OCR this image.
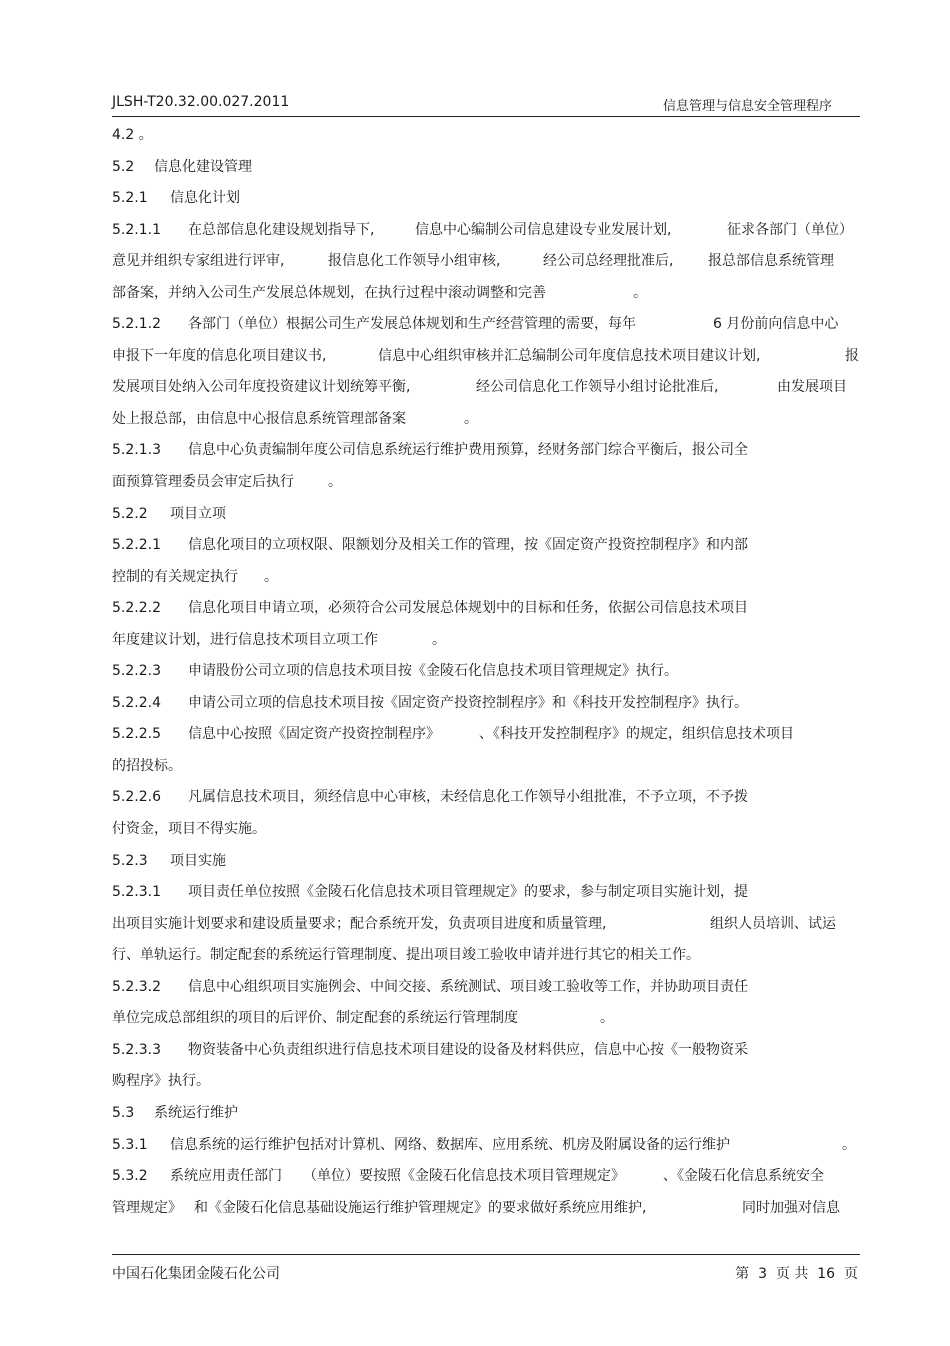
JLSH-T20.32.00.027.2011	信息管理与信息安全管理程序
4.2 。
5.2 信息化建设管理
5.2.1 信息化计划
5.2.1.1 在总部信息化建设规划指导下,	信息中心编制公司信息建设专业发展计划,	征求各部门（单位）
意见并组织专家组进行评审,	报信息化工作领导小组审核,	经公司总经理批准后, 报总部信息系统管理
部备案，并纳入公司生产发展总体规划，在执行过程中滚动调整和完善	。
5.2.1.2 各部门（单位）根据公司生产发展总体规划和生产经营管理的需要，每年	6 月份前向信息中心
申报下一年度的信息化项目建议书,	信息中心组织审核并汇总编制公司年度信息技术项目建议计划,	报
发展项目处纳入公司年度投资建议计划统筹平衡,	经公司信息化工作领导小组讨论批准后,	由发展项目
处上报总部，由信息中心报信息系统管理部备案	。
5.2.1.3 信息中心负责编制年度公司信息系统运行维护费用预算，经财务部门综合平衡后，报公司全
面预算管理委员会审定后执行 。
5.2.2 项目立项
5.2.2.1 信息化项目的立项权限、限额划分及相关工作的管理，按《固定资产投资控制程序》和内部
控制的有关规定执行 。
5.2.2.2 信息化项目申请立项，必须符合公司发展总体规划中的目标和任务，依据公司信息技术项目
年度建议计划，进行信息技术项目立项工作	。
5.2.2.3 申请股份公司立项的信息技术项目按《金陵石化信息技术项目管理规定》执行。
5.2.2.4 申请公司立项的信息技术项目按《固定资产投资控制程序》和《科技开发控制程序》执行。
5.2.2.5 信息中心按照《固定资产投资控制程序》	、《科技开发控制程序》的规定，组织信息技术项目
的招投标。
5.2.2.6 凡属信息技术项目，须经信息中心审核，未经信息化工作领导小组批准，不予立项，不予拨
付资金，项目不得实施。
5.2.3 项目实施
5.2.3.1 项目责任单位按照《金陵石化信息技术项目管理规定》的要求，参与制定项目实施计划，提
出项目实施计划要求和建设质量要求；配合系统开发，负责项目进度和质量管理,	组织人员培训、试运
行、单轨运行。制定配套的系统运行管理制度、提出项目竣工验收申请并进行其它的相关工作。
5.2.3.2 信息中心组织项目实施例会、中间交接、系统测试、项目竣工验收等工作，并协助项目责任
单位完成总部组织的项目的后评价、制定配套的系统运行管理制度	。
5.2.3.3 物资装备中心负责组织进行信息技术项目建设的设备及材料供应，信息中心按《一般物资采
购程序》执行。
5.3 系统运行维护
5.3.1 信息系统的运行维护包括对计算机、网络、数据库、应用系统、机房及附属设备的运行维护	。
5.3.2 系统应用责任部门 （单位）要按照《金陵石化信息技术项目管理规定》	、《金陵石化信息系统安全
管理规定》 和《金陵石化信息基础设施运行维护管理规定》的要求做好系统应用维护,	同时加强对信息
中国石化集团金陵石化公司	第 3 页 共 16 页
